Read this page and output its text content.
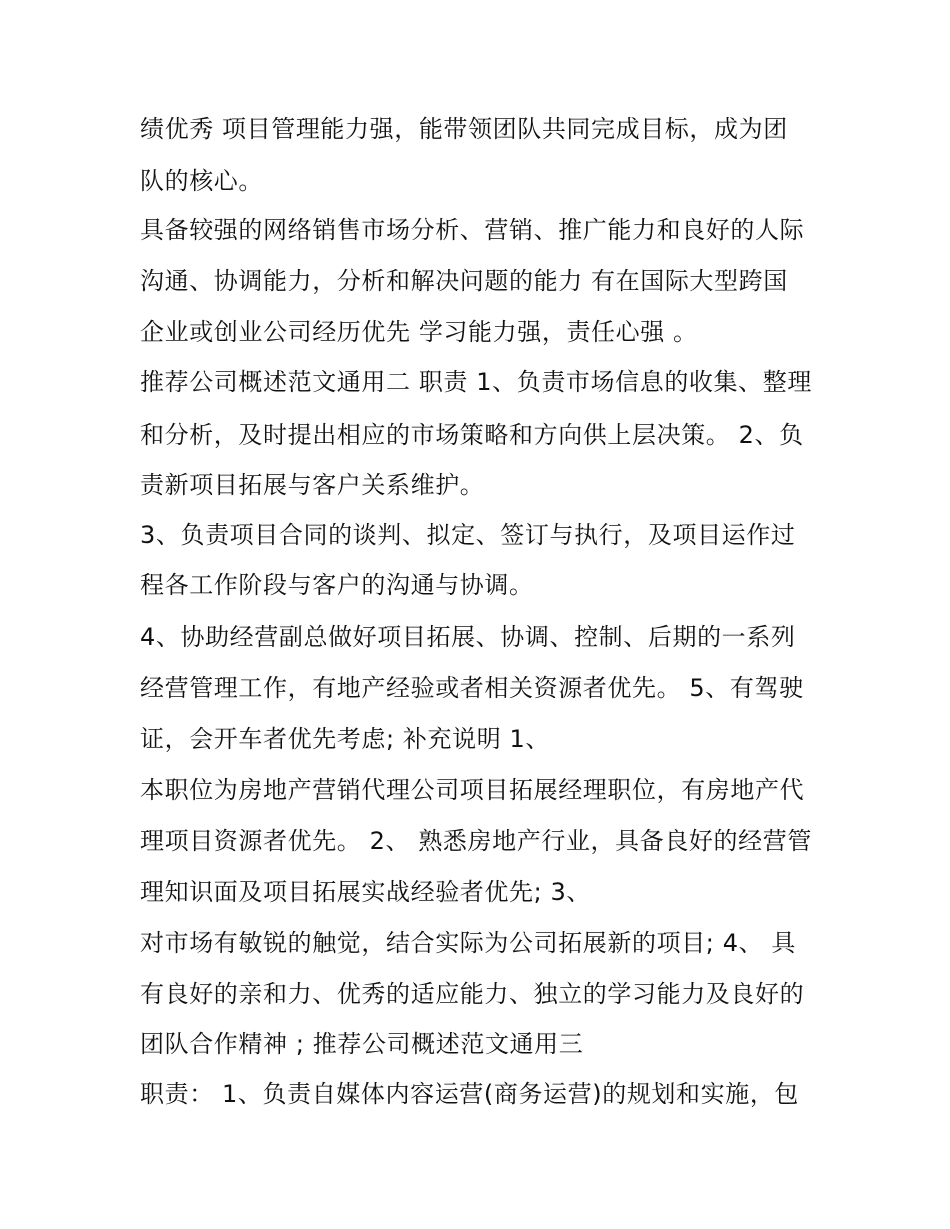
绩优秀 项目管理能力强，能带领团队共同完成目标，成为团
队的核心。
具备较强的网络销售市场分析、营销、推广能力和良好的人际
沟通、协调能力，分析和解决问题的能力 有在国际大型跨国
企业或创业公司经历优先 学习能力强，责任心强 。
推荐公司概述范文通用二 职责 1、负责市场信息的收集、整理
和分析，及时提出相应的市场策略和方向供上层决策。 2、负
责新项目拓展与客户关系维护。
3、负责项目合同的谈判、拟定、签订与执行，及项目运作过
程各工作阶段与客户的沟通与协调。
4、协助经营副总做好项目拓展、协调、控制、后期的一系列
经营管理工作，有地产经验或者相关资源者优先。 5、有驾驶
证，会开车者优先考虑; 补充说明 1、
本职位为房地产营销代理公司项目拓展经理职位，有房地产代
理项目资源者优先。 2、 熟悉房地产行业，具备良好的经营管
理知识面及项目拓展实战经验者优先; 3、
对市场有敏锐的触觉，结合实际为公司拓展新的项目; 4、 具
有良好的亲和力、优秀的适应能力、独立的学习能力及良好的
团队合作精神 ; 推荐公司概述范文通用三
职责： 1、负责自媒体内容运营(商务运营)的规划和实施，包
